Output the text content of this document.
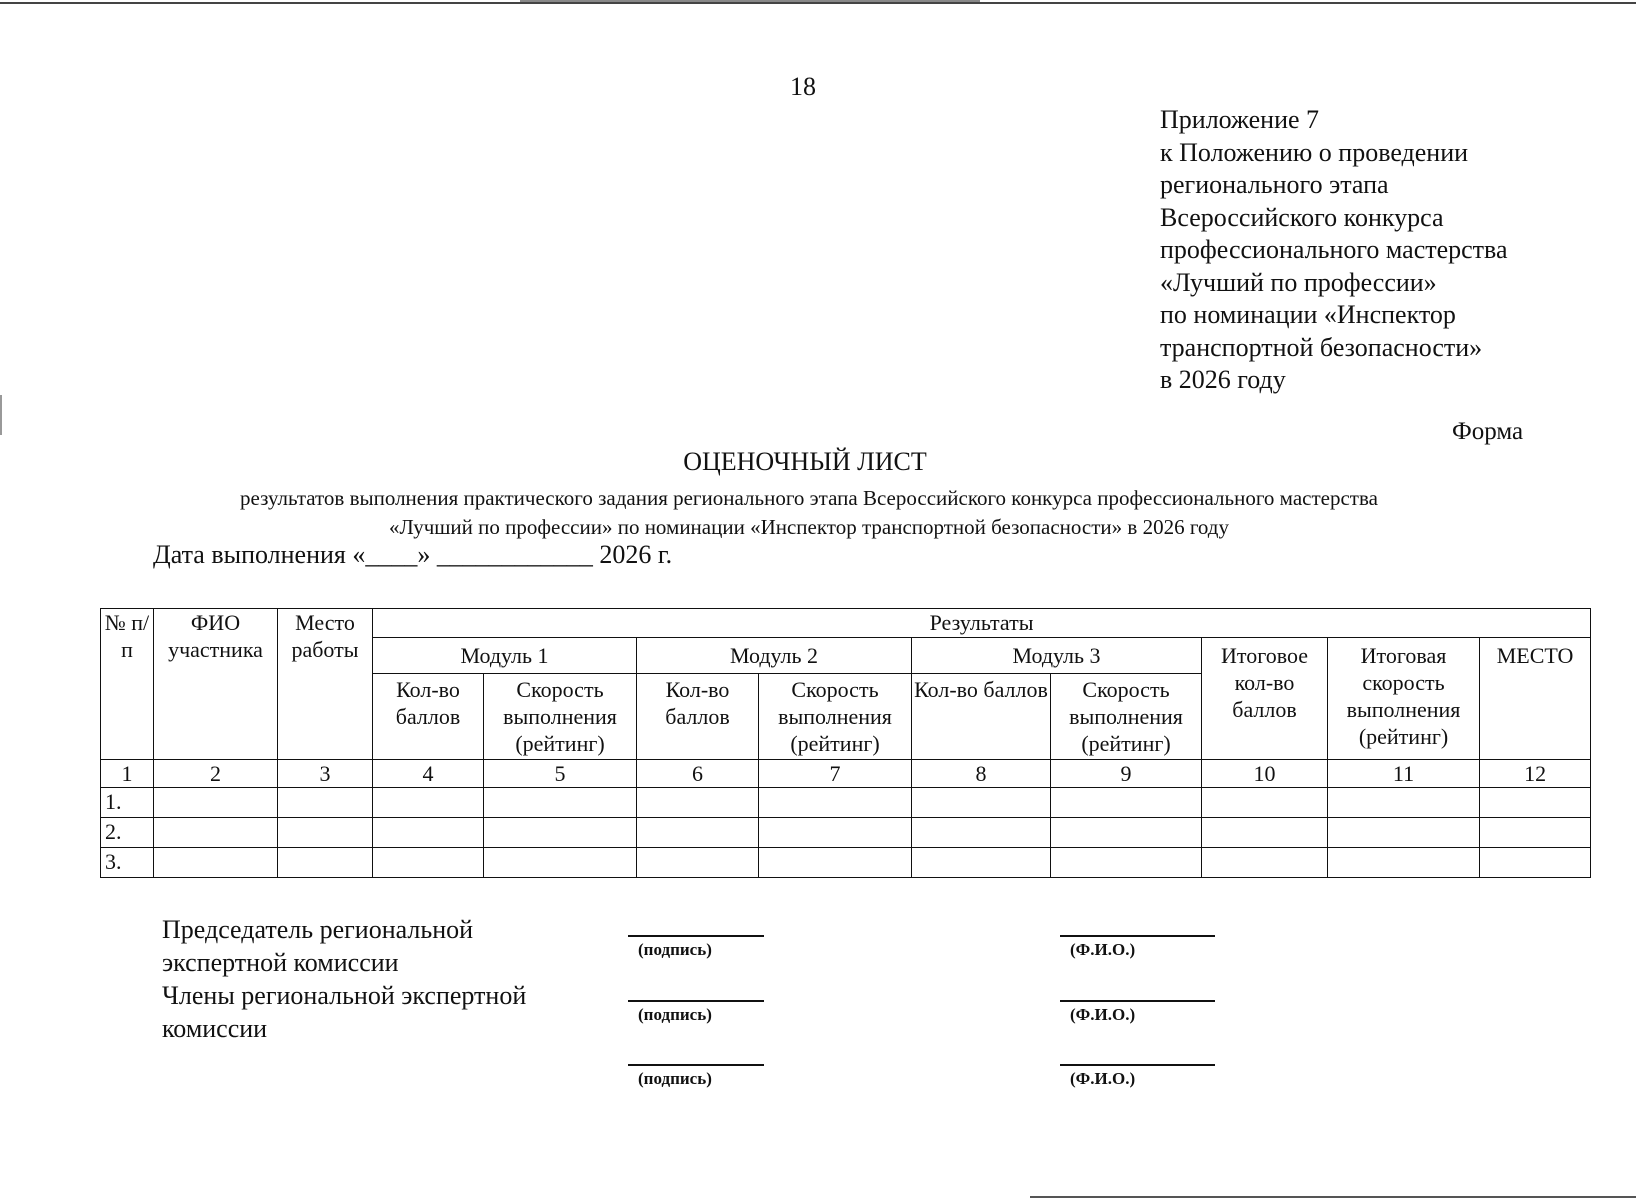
18
Приложение 7
к Положению о проведении
регионального этапа
Всероссийского конкурса
профессионального мастерства
«Лучший по профессии»
по номинации «Инспектор
транспортной безопасности»
в 2026 году
Форма
ОЦЕНОЧНЫЙ ЛИСТ
результатов выполнения практического задания регионального этапа Всероссийского конкурса профессионального мастерства
«Лучший по профессии» по номинации «Инспектор транспортной безопасности» в 2026 году
Дата выполнения «____» ____________ 2026 г.
№ п/п	ФИО участника	Место работы	Результаты								
			Модуль 1		Модуль 2		Модуль 3		Итоговое кол-во баллов	Итоговая скорость выполнения (рейтинг)	МЕСТО
			Кол-во баллов	Скорость выполнения (рейтинг)	Кол-во баллов	Скорость выполнения (рейтинг)	Кол-во баллов	Скорость выполнения (рейтинг)			
1	2	3	4	5	6	7	8	9	10	11	12
1.											
2.											
3.											
Председатель региональной
экспертной комиссии
Члены региональной экспертной
комиссии
(подпись)	(Ф.И.О.)
(подпись)	(Ф.И.О.)
(подпись)	(Ф.И.О.)
